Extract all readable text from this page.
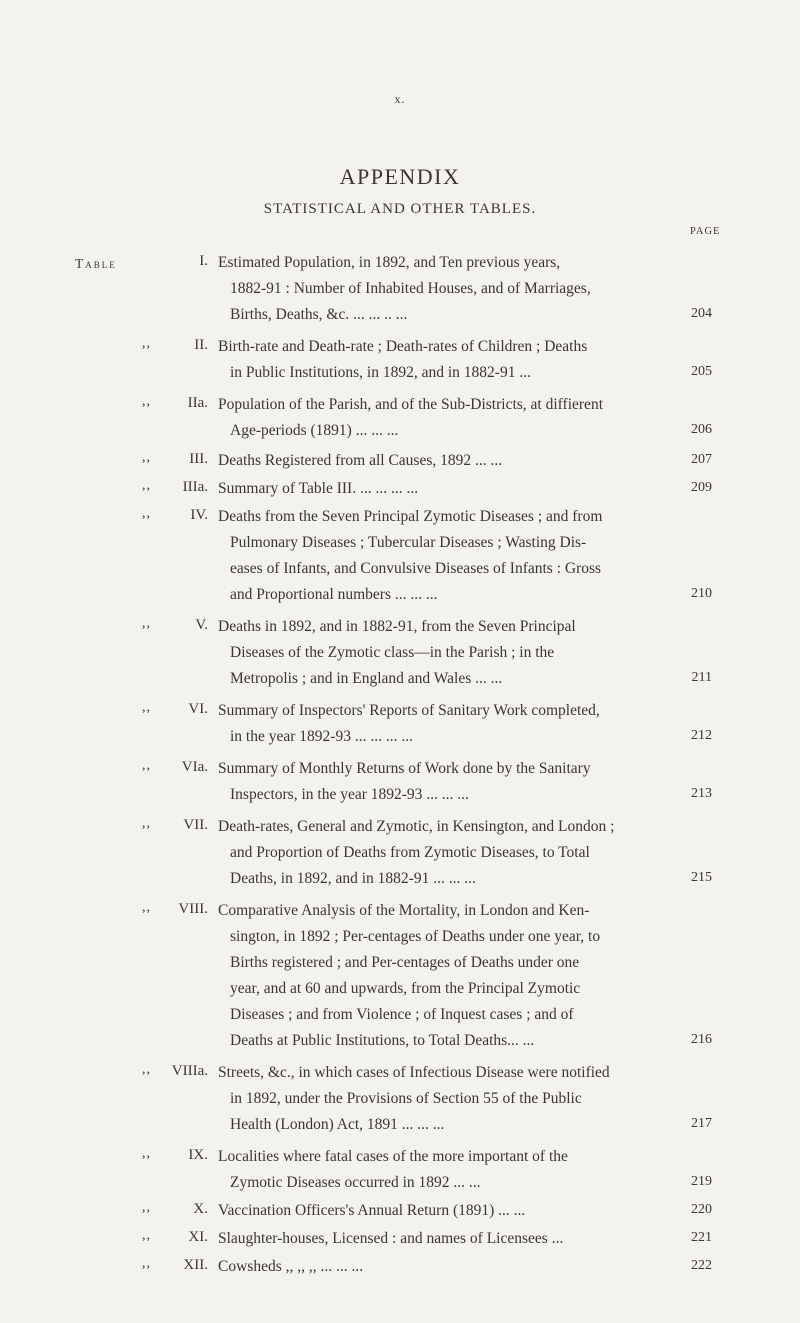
x.
APPENDIX
STATISTICAL AND OTHER TABLES.
PAGE
Table	I. Estimated Population, in 1892, and Ten previous years,
1882-91 : Number of Inhabited Houses, and of Marriages,
Births, Deaths, &c. ... ... .. ...	204
,,	II. Birth-rate and Death-rate ; Death-rates of Children ; Deaths
in Public Institutions, in 1892, and in 1882-91 ...	205
,,	IIa. Population of the Parish, and of the Sub-Districts, at diffierent
Age-periods (1891) ... ... ...	206
,,	III. Deaths Registered from all Causes, 1892 ... ...	207
,,	IIIa. Summary of Table III. ... ... ... ...	209
,,	IV. Deaths from the Seven Principal Zymotic Diseases ; and from
Pulmonary Diseases ; Tubercular Diseases ; Wasting Dis-
eases of Infants, and Convulsive Diseases of Infants : Gross
and Proportional numbers ... ... ...	210
,,	V. Deaths in 1892, and in 1882-91, from the Seven Principal
Diseases of the Zymotic class—in the Parish ; in the
Metropolis ; and in England and Wales ... ...	211
,,	VI. Summary of Inspectors' Reports of Sanitary Work completed,
in the year 1892-93 ... ... ... ...	212
,,	VIa. Summary of Monthly Returns of Work done by the Sanitary
Inspectors, in the year 1892-93 ... ... ...	213
,,	VII. Death-rates, General and Zymotic, in Kensington, and London ;
and Proportion of Deaths from Zymotic Diseases, to Total
Deaths, in 1892, and in 1882-91 ... ... ...	215
,,	VIII. Comparative Analysis of the Mortality, in London and Ken-
sington, in 1892 ; Per-centages of Deaths under one year, to
Births registered ; and Per-centages of Deaths under one
year, and at 60 and upwards, from the Principal Zymotic
Diseases ; and from Violence ; of Inquest cases ; and of
Deaths at Public Institutions, to Total Deaths... ...	216
,,	VIIIa. Streets, &c., in which cases of Infectious Disease were notified
in 1892, under the Provisions of Section 55 of the Public
Health (London) Act, 1891 ... ... ...	217
,,	IX. Localities where fatal cases of the more important of the
Zymotic Diseases occurred in 1892 ... ...	219
,,	X. Vaccination Officers's Annual Return (1891) ... ...	220
,,	XI. Slaughter-houses, Licensed : and names of Licensees ...	221
,,	XII. Cowsheds ,, ,, ,, ... ... ...	222
